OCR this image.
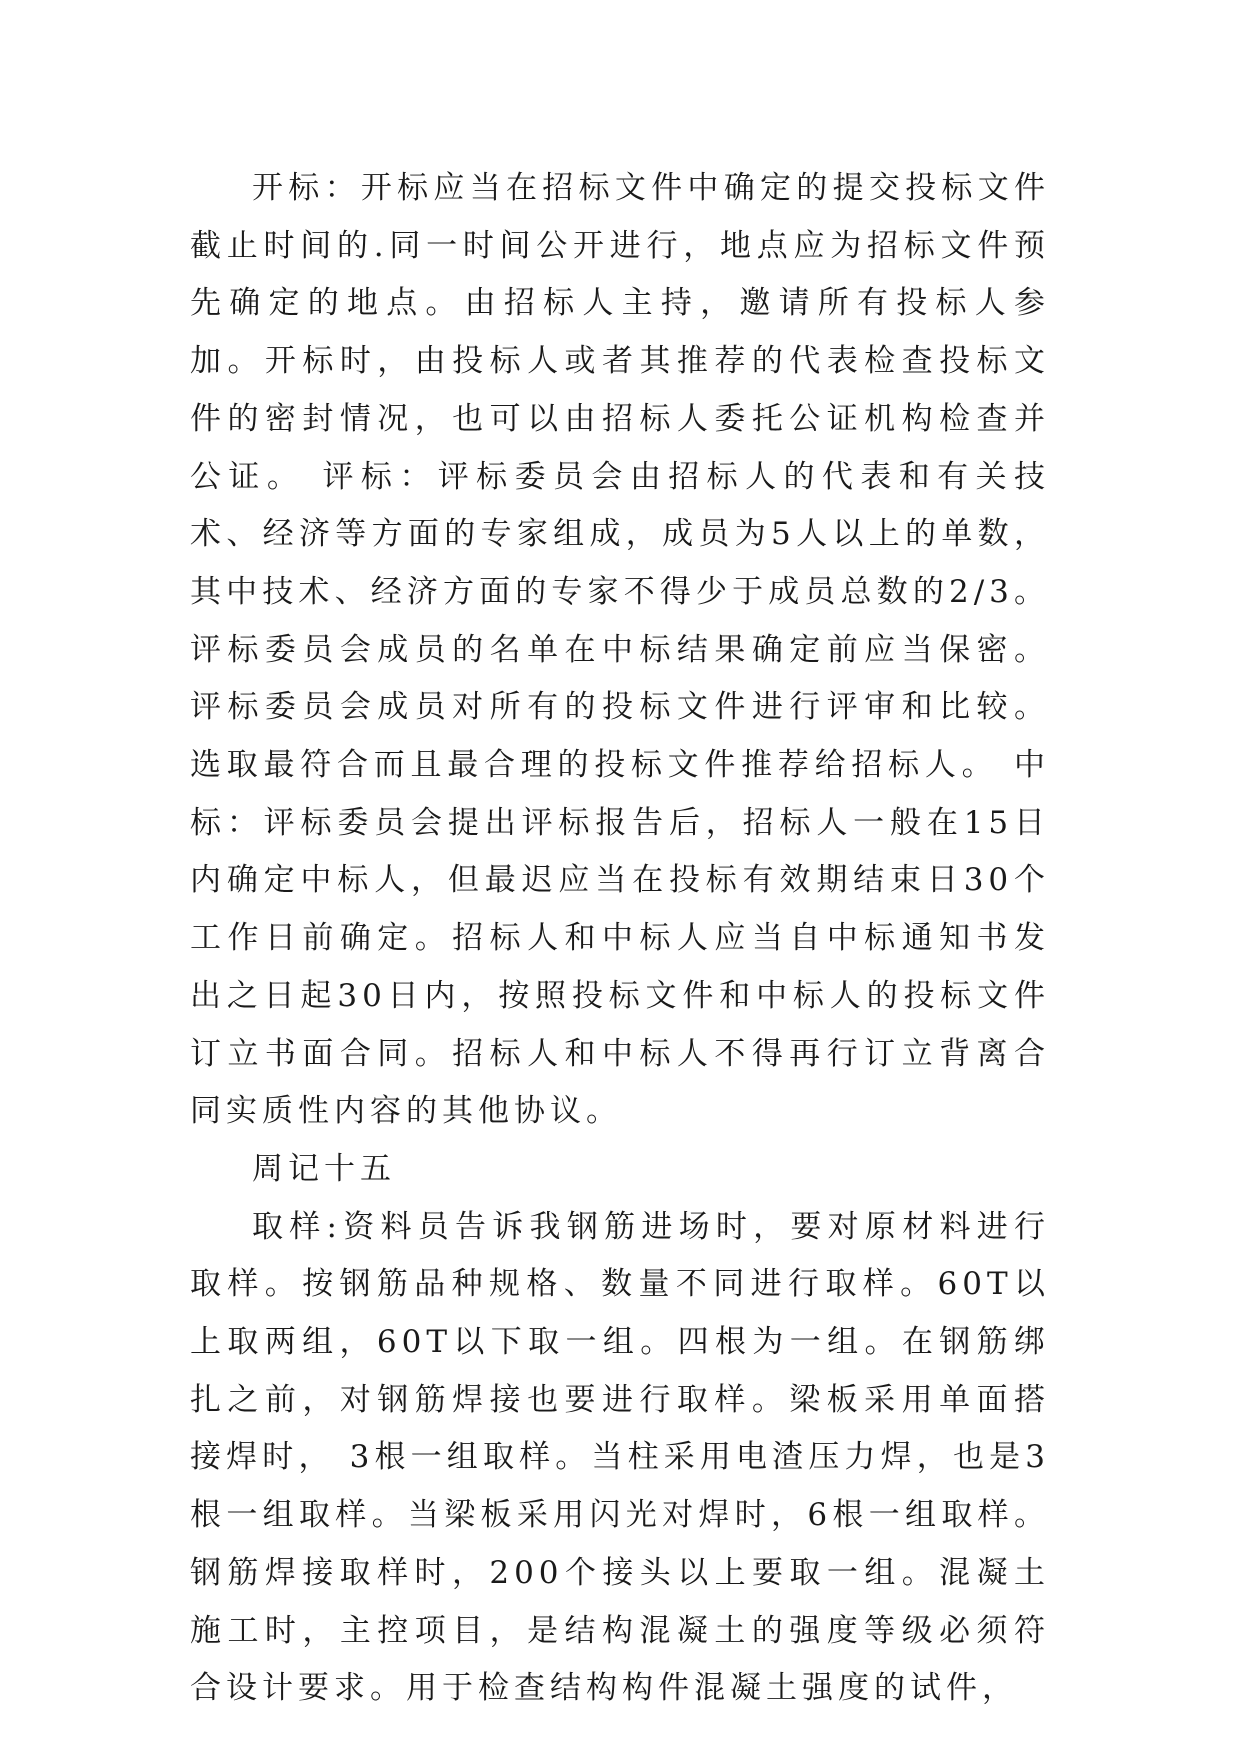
开标：开标应当在招标文件中确定的提交投标文件截止时间的.同一时间公开进行，地点应为招标文件预先确定的地点。由招标人主持，邀请所有投标人参加。开标时，由投标人或者其推荐的代表检查投标文件的密封情况，也可以由招标人委托公证机构检查并公证。 评标：评标委员会由招标人的代表和有关技术、经济等方面的专家组成，成员为5人以上的单数，其中技术、经济方面的专家不得少于成员总数的2/3。评标委员会成员的名单在中标结果确定前应当保密。评标委员会成员对所有的投标文件进行评审和比较。选取最符合而且最合理的投标文件推荐给招标人。 中标：评标委员会提出评标报告后，招标人一般在15日内确定中标人，但最迟应当在投标有效期结束日30个工作日前确定。招标人和中标人应当自中标通知书发出之日起30日内，按照投标文件和中标人的投标文件订立书面合同。招标人和中标人不得再行订立背离合同实质性内容的其他协议。

周记十五

取样:资料员告诉我钢筋进场时，要对原材料进行取样。按钢筋品种规格、数量不同进行取样。60T以上取两组，60T以下取一组。四根为一组。在钢筋绑扎之前，对钢筋焊接也要进行取样。梁板采用单面搭接焊时， 3根一组取样。当柱采用电渣压力焊，也是3根一组取样。当梁板采用闪光对焊时，6根一组取样。钢筋焊接取样时，200个接头以上要取一组。混凝土施工时，主控项目，是结构混凝土的强度等级必须符合设计要求。用于检查结构构件混凝土强度的试件，
